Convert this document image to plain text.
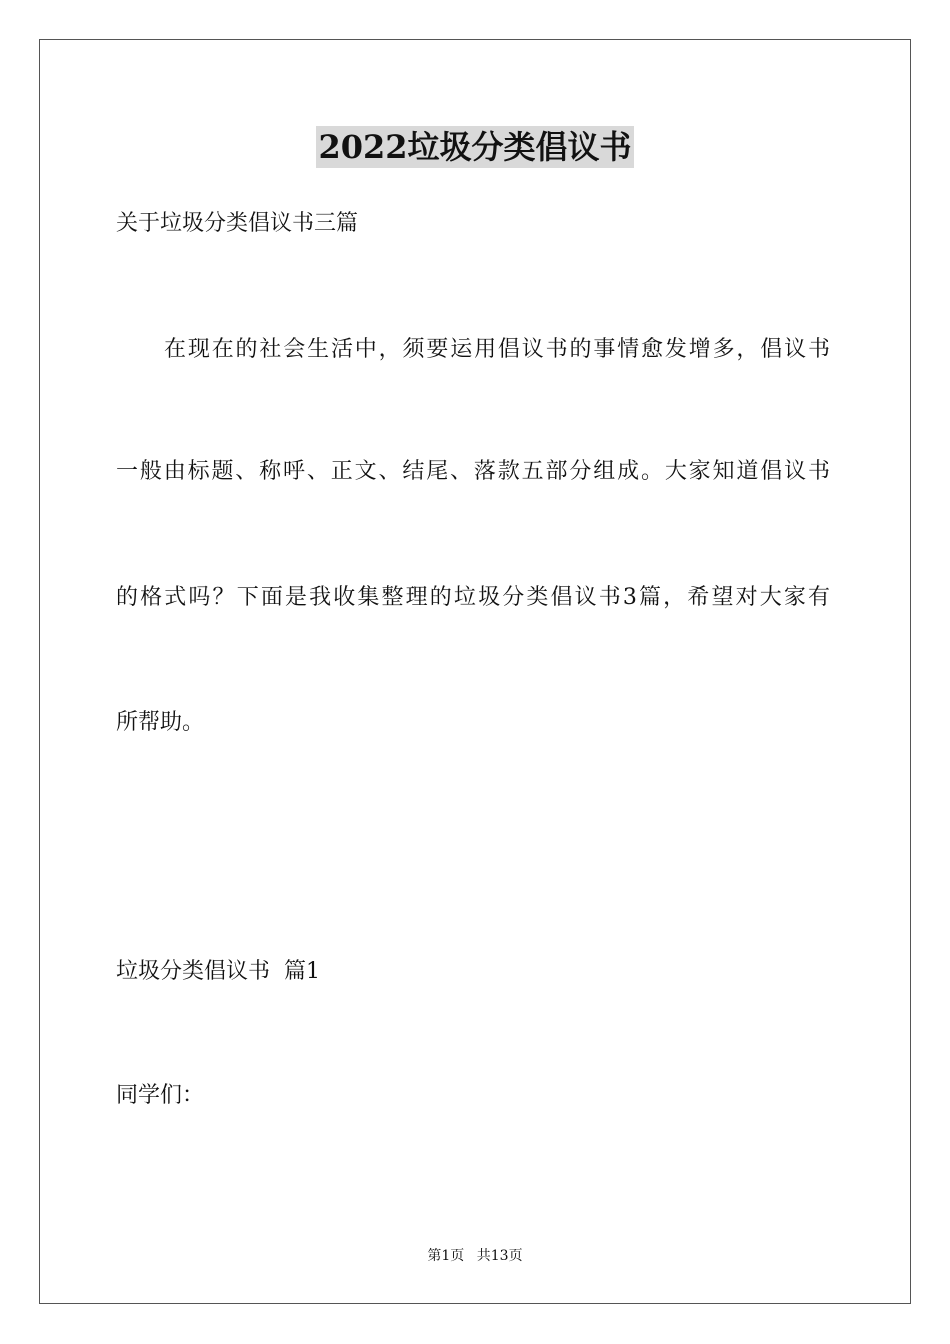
2022垃圾分类倡议书
关于垃圾分类倡议书三篇
在现在的社会生活中，须要运用倡议书的事情愈发增多，倡议书
一般由标题、称呼、正文、结尾、落款五部分组成。大家知道倡议书
的格式吗？下面是我收集整理的垃圾分类倡议书3篇，希望对大家有
所帮助。
垃圾分类倡议书  篇1
同学们：
第1页 共13页
